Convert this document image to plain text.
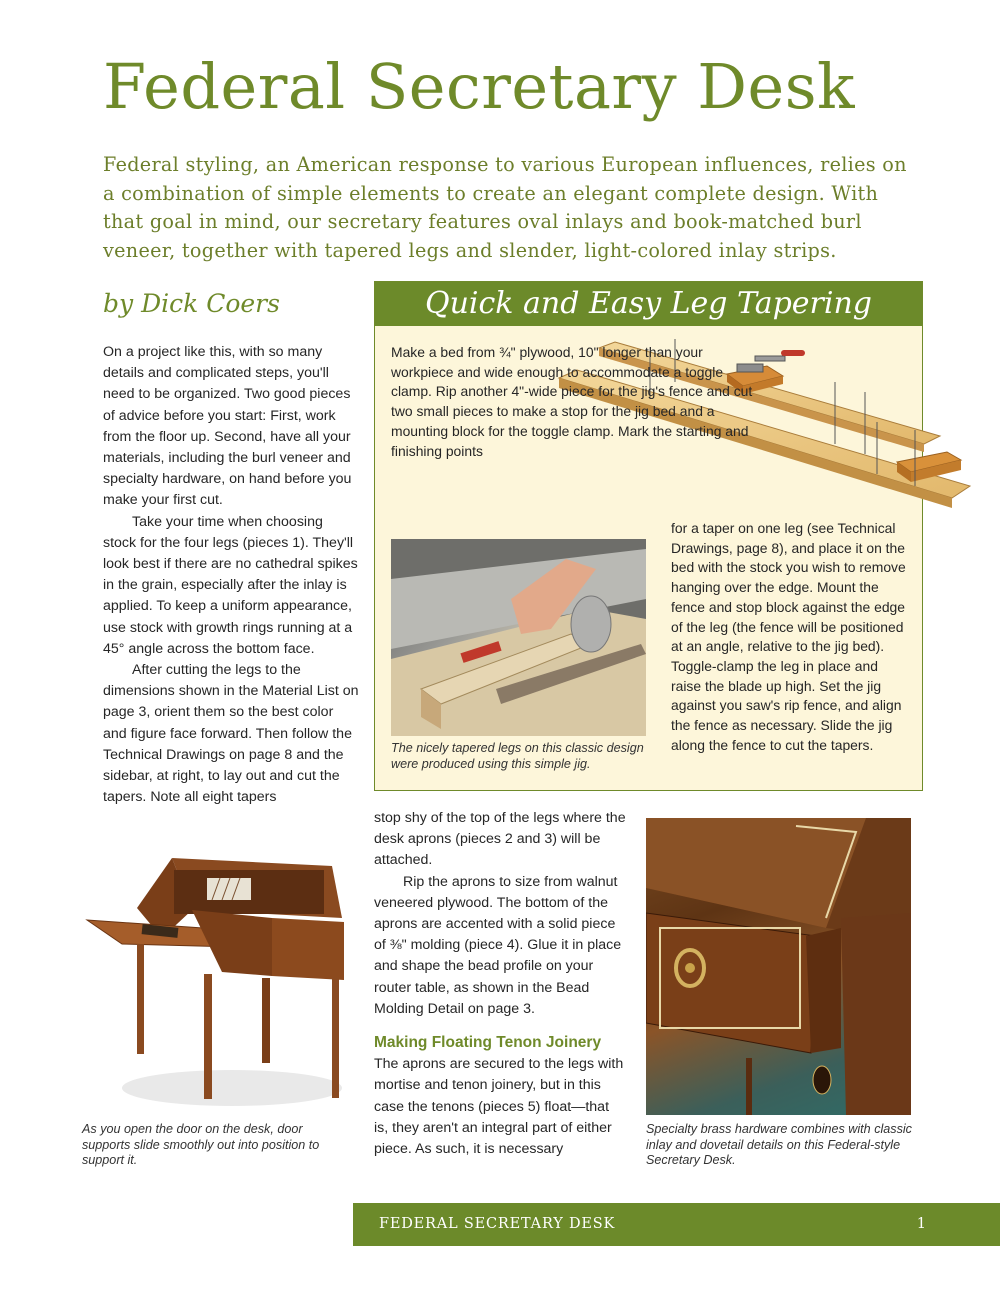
Federal Secretary Desk
Federal styling, an American response to various European influences, relies on a combination of simple elements to create an elegant complete design. With that goal in mind, our secretary features oval inlays and book-matched burl veneer, together with tapered legs and slender, light-colored inlay strips.
by Dick Coers

On a project like this, with so many details and complicated steps, you'll need to be organized. Two good pieces of advice before you start: First, work from the floor up. Second, have all your materials, including the burl veneer and specialty hardware, on hand before you make your first cut.

Take your time when choosing stock for the four legs (pieces 1). They'll look best if there are no cathedral spikes in the grain, especially after the inlay is applied. To keep a uniform appearance, use stock with growth rings running at a 45° angle across the bottom face.

After cutting the legs to the dimensions shown in the Material List on page 3, orient them so the best color and figure face forward. Then follow the Technical Drawings on page 8 and the sidebar, at right, to lay out and cut the tapers. Note all eight tapers

Quick and Easy Leg Tapering
Make a bed from ¾" plywood, 10" longer than your workpiece and wide enough to accommodate a toggle clamp. Rip another 4"-wide piece for the jig's fence and cut two small pieces to make a stop for the jig bed and a mounting block for the toggle clamp. Mark the starting and finishing points
The nicely tapered legs on this classic design were produced using this simple jig.
for a taper on one leg (see Technical Drawings, page 8), and place it on the bed with the stock you wish to remove hanging over the edge. Mount the fence and stop block against the edge of the leg (the fence will be positioned at an angle, relative to the jig bed). Toggle-clamp the leg in place and raise the blade up high. Set the jig against you saw's rip fence, and align the fence as necessary. Slide the jig along the fence to cut the tapers.
As you open the door on the desk, door supports slide smoothly out into position to support it.

stop shy of the top of the legs where the desk aprons (pieces 2 and 3) will be attached.

Rip the aprons to size from walnut veneered plywood. The bottom of the aprons are accented with a solid piece of ⅜" molding (piece 4). Glue it in place and shape the bead profile on your router table, as shown in the Bead Molding Detail on page 3.

Making Floating Tenon Joinery

The aprons are secured to the legs with mortise and tenon joinery, but in this case the tenons (pieces 5) float—that is, they aren't an integral part of either piece. As such, it is necessary

Specialty brass hardware combines with classic inlay and dovetail details on this Federal-style Secretary Desk.
FEDERAL SECRETARY DESK	1
